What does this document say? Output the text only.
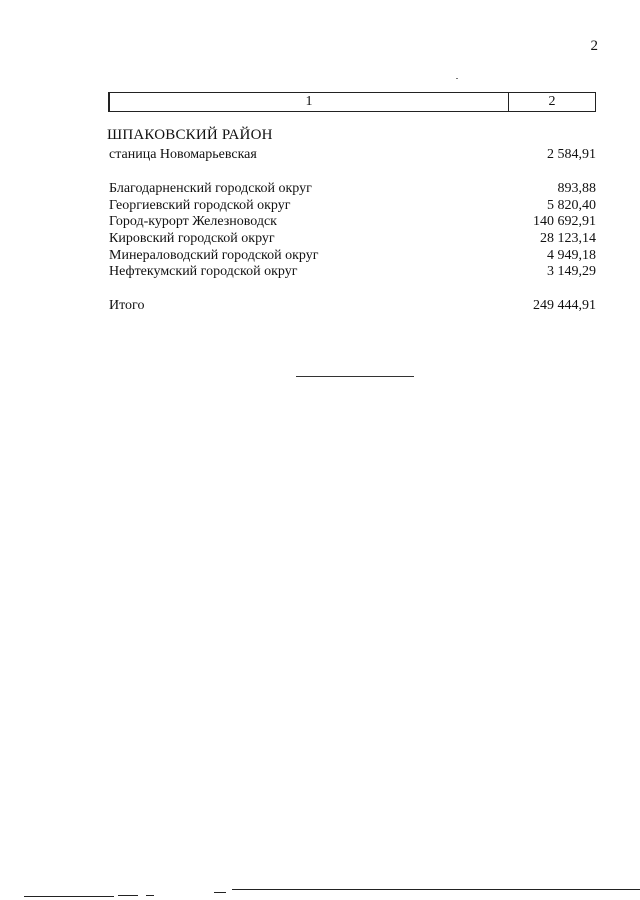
2
1	2
ШПАКОВСКИЙ РАЙОН
станица Новомарьевская	2 584,91
Благодарненский городской округ	893,88
Георгиевский городской округ	5 820,40
Город-курорт Железноводск	140 692,91
Кировский городской округ	28 123,14
Минераловодский городской округ	4 949,18
Нефтекумский городской округ	3 149,29
Итого	249 444,91
